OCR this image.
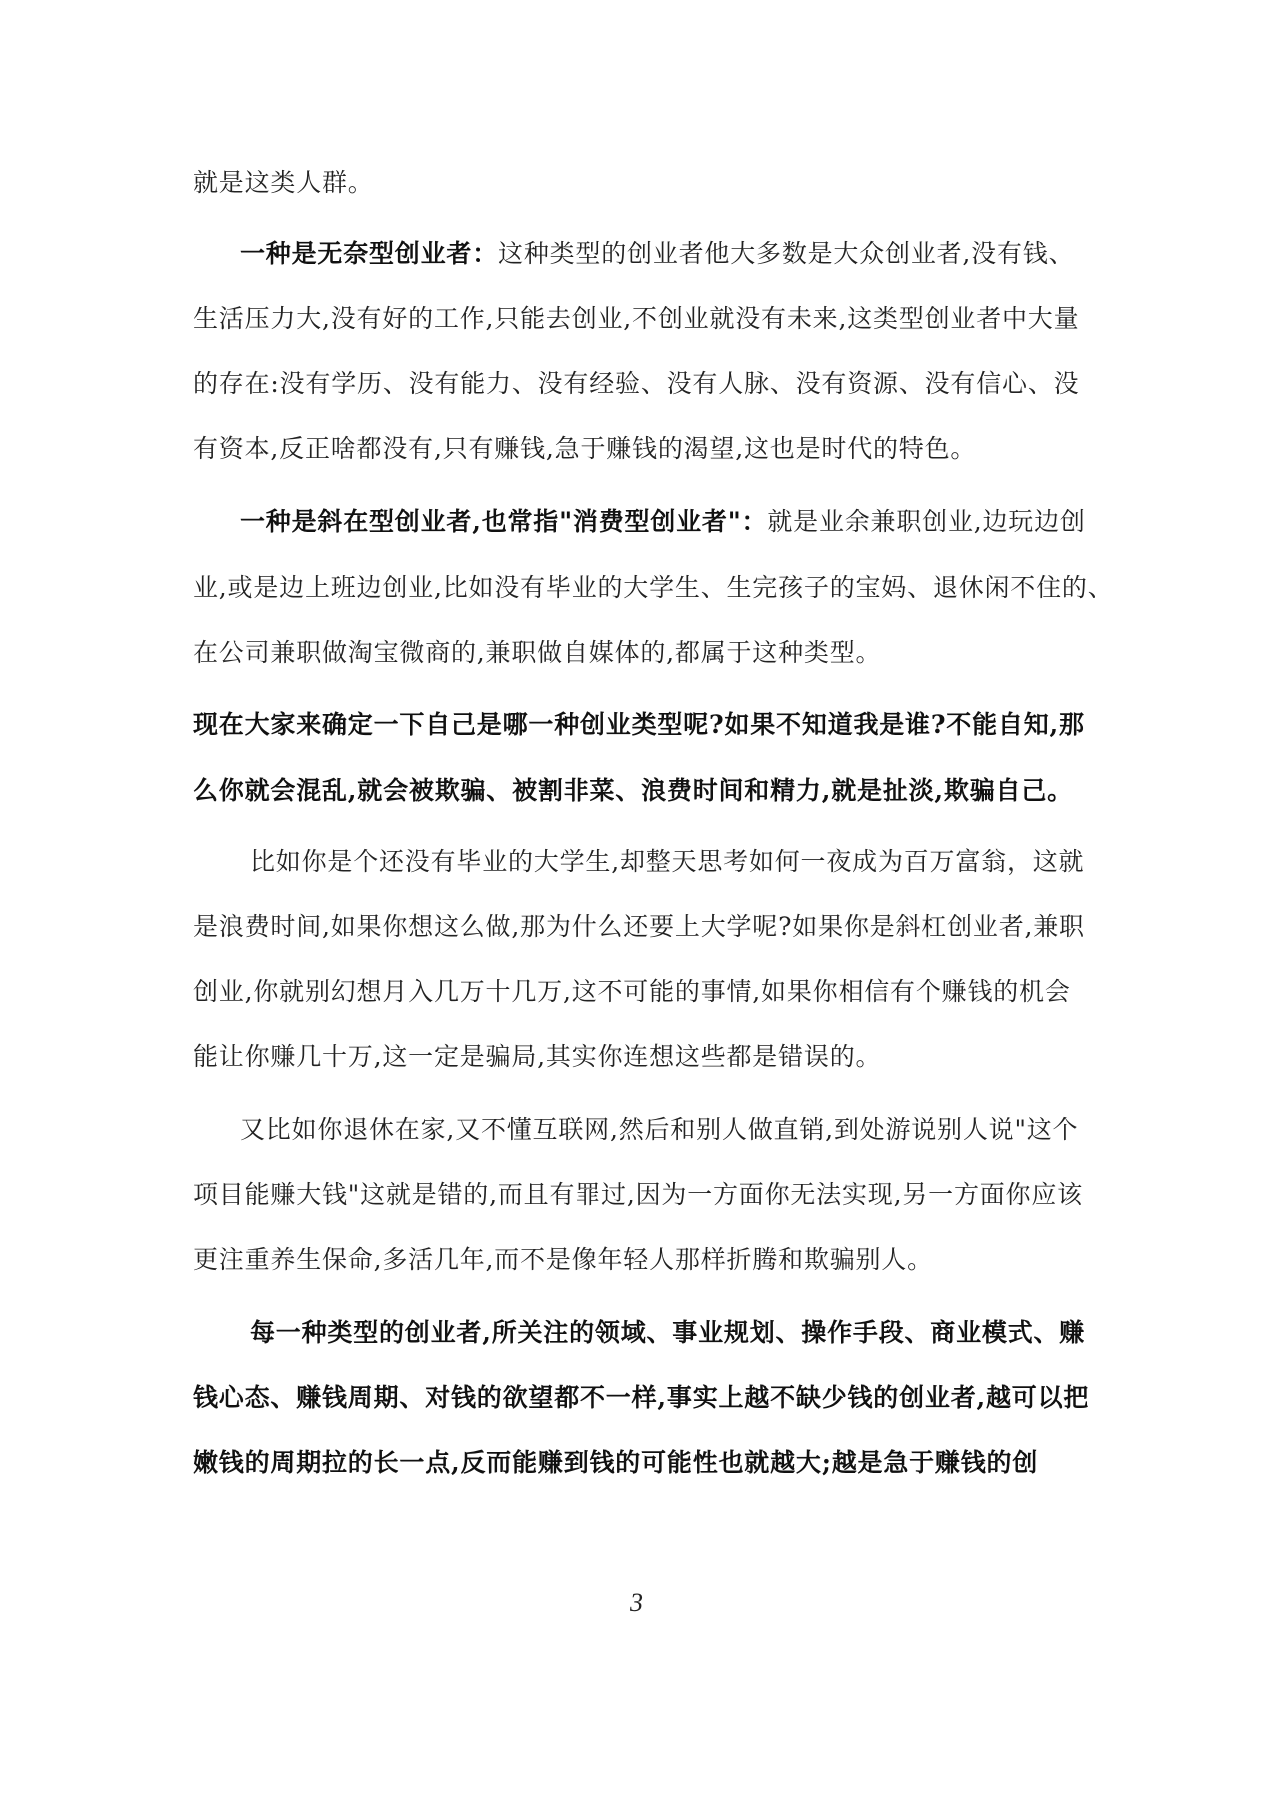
就是这类人群。
一种是无奈型创业者：这种类型的创业者他大多数是大众创业者,没有钱、
生活压力大,没有好的工作,只能去创业,不创业就没有未来,这类型创业者中大量
的存在:没有学历、没有能力、没有经验、没有人脉、没有资源、没有信心、没
有资本,反正啥都没有,只有赚钱,急于赚钱的渴望,这也是时代的特色。
一种是斜在型创业者,也常指"消费型创业者"：就是业余兼职创业,边玩边创
业,或是边上班边创业,比如没有毕业的大学生、生完孩子的宝妈、退休闲不住的、
在公司兼职做淘宝微商的,兼职做自媒体的,都属于这种类型。
现在大家来确定一下自己是哪一种创业类型呢?如果不知道我是谁?不能自知,那
么你就会混乱,就会被欺骗、被割非菜、浪费时间和精力,就是扯淡,欺骗自己。
比如你是个还没有毕业的大学生,却整天思考如何一夜成为百万富翁，这就
是浪费时间,如果你想这么做,那为什么还要上大学呢?如果你是斜杠创业者,兼职
创业,你就别幻想月入几万十几万,这不可能的事情,如果你相信有个赚钱的机会
能让你赚几十万,这一定是骗局,其实你连想这些都是错误的。
又比如你退休在家,又不懂互联网,然后和别人做直销,到处游说别人说"这个
项目能赚大钱"这就是错的,而且有罪过,因为一方面你无法实现,另一方面你应该
更注重养生保命,多活几年,而不是像年轻人那样折腾和欺骗别人。
每一种类型的创业者,所关注的领域、事业规划、操作手段、商业模式、赚
钱心态、赚钱周期、对钱的欲望都不一样,事实上越不缺少钱的创业者,越可以把
嫩钱的周期拉的长一点,反而能赚到钱的可能性也就越大;越是急于赚钱的创
3
